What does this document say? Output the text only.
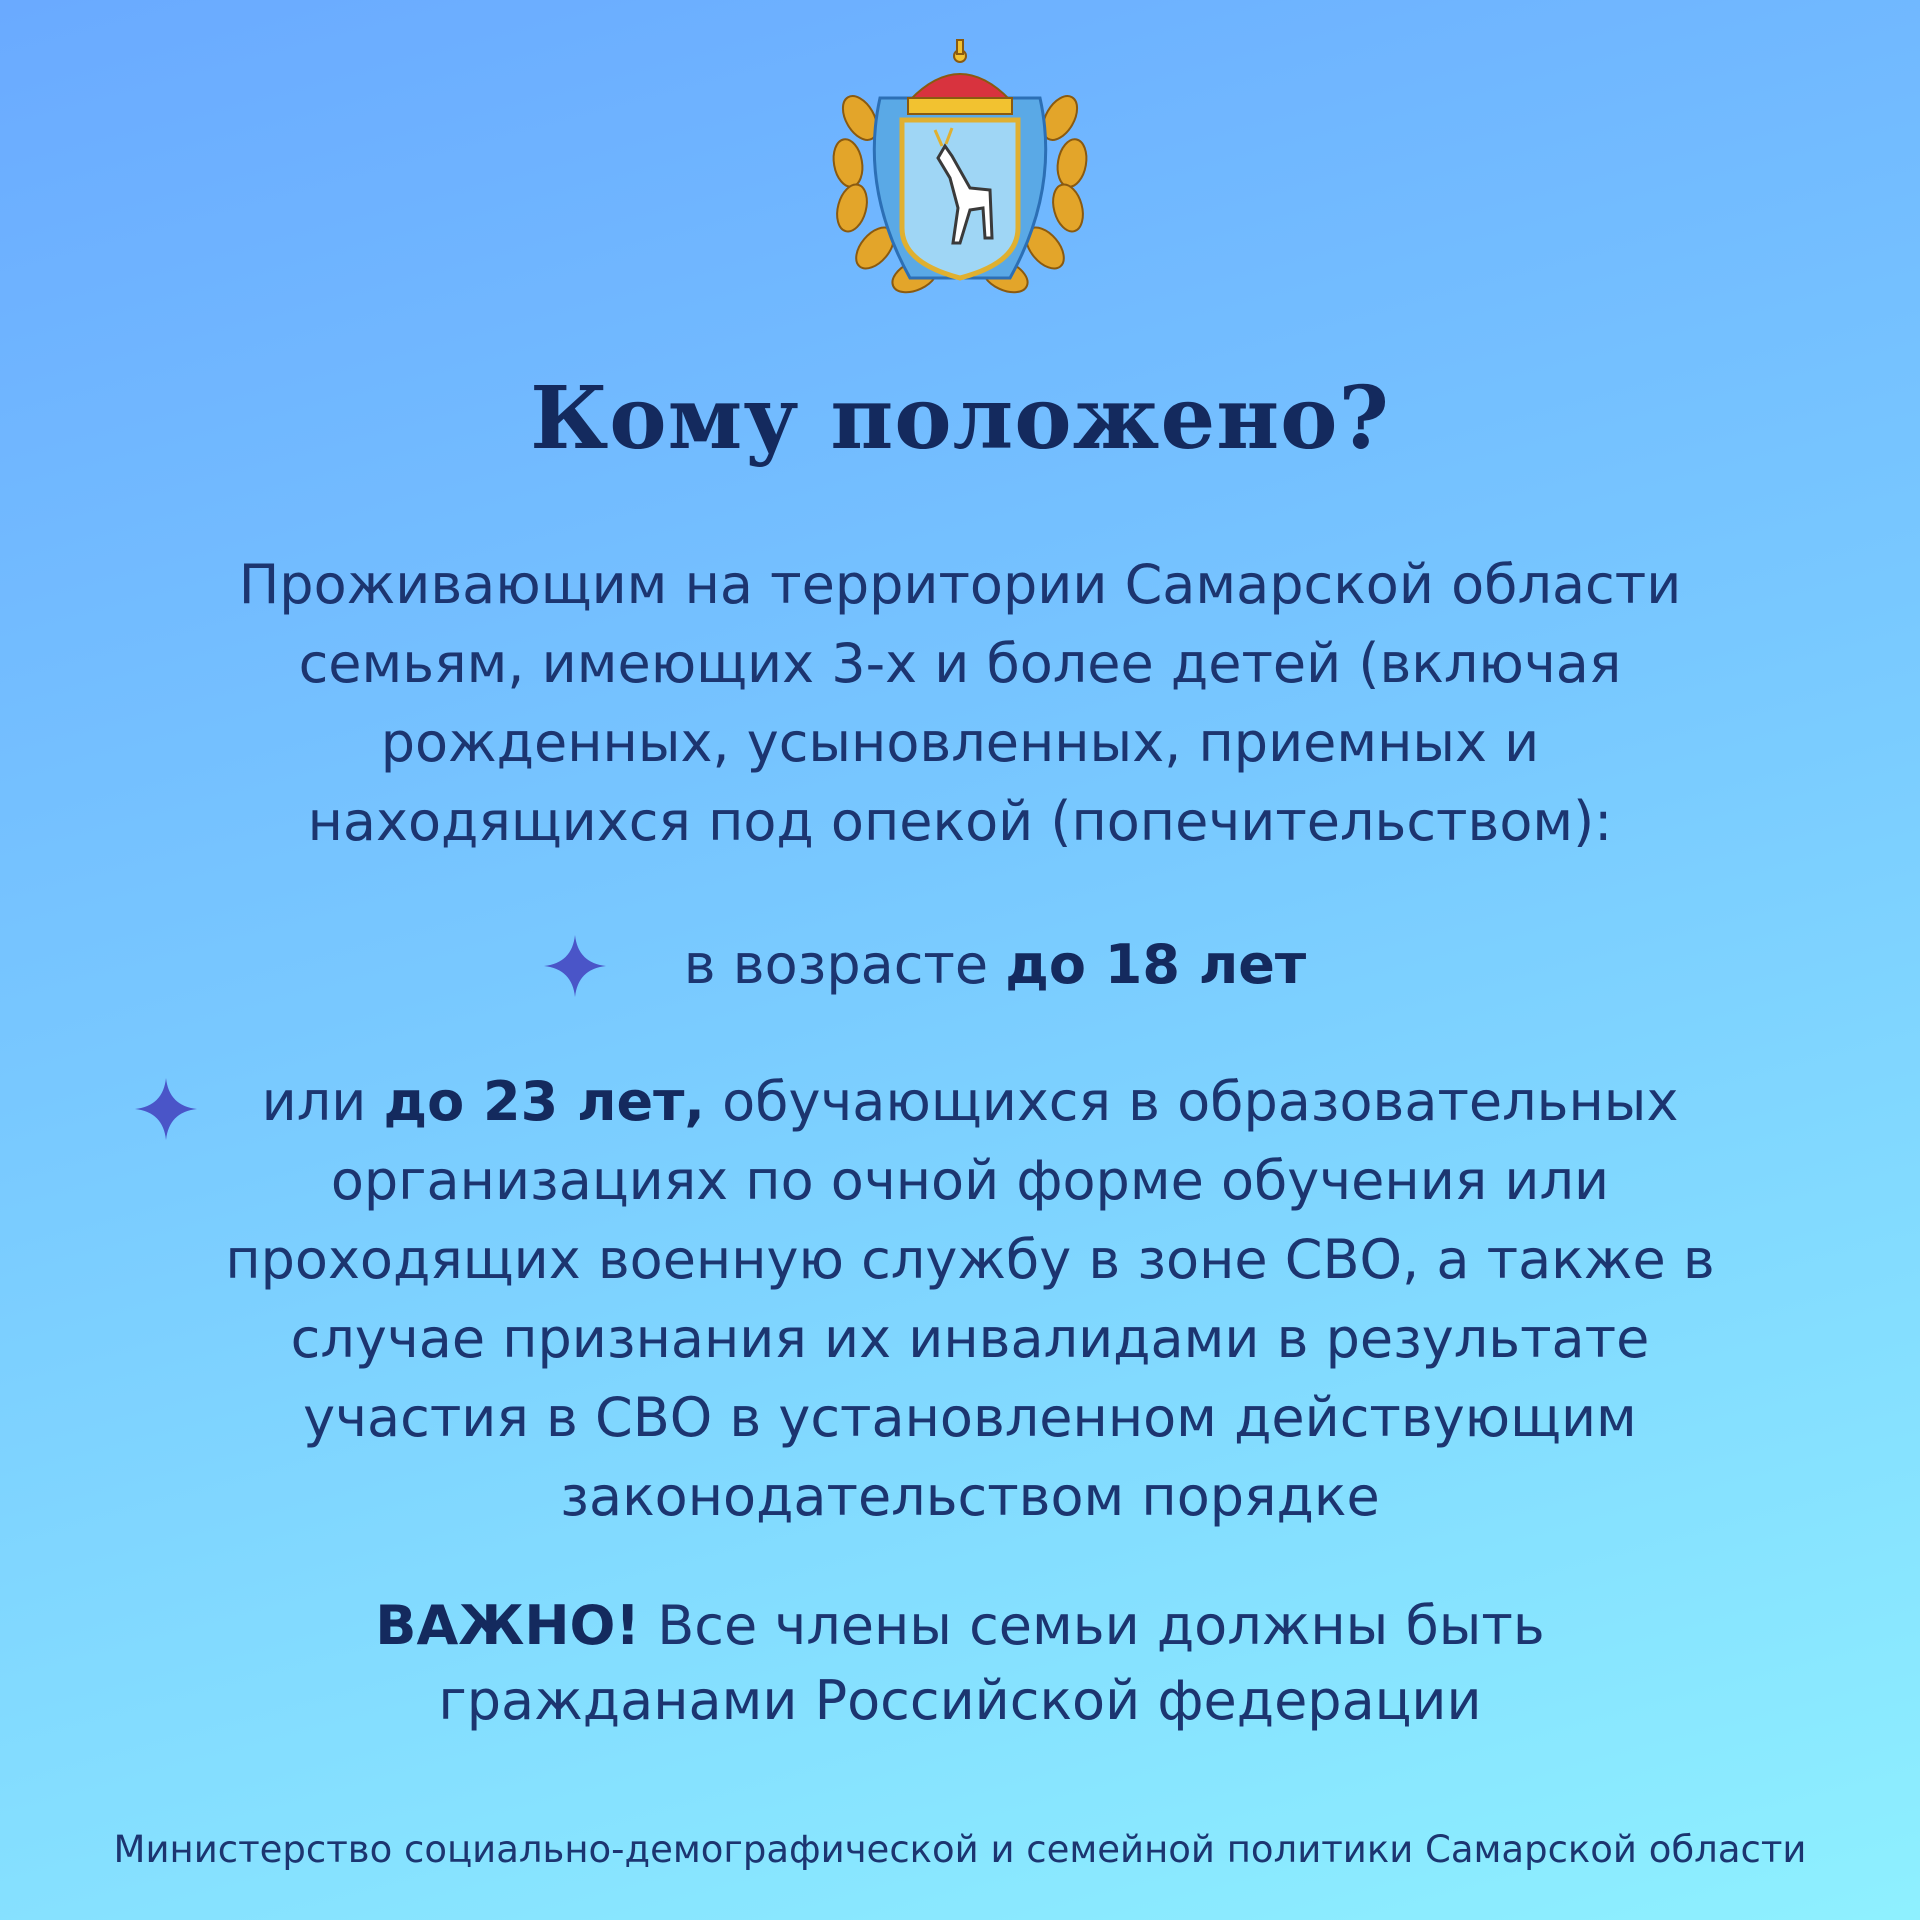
Кому положено?

Проживающим на территории Самарской области
семьям, имеющих 3-х и более детей (включая
рожденных, усыновленных, приемных и
находящихся под опекой (попечительством):

в возрасте до 18 лет

или до 23 лет, обучающихся в образовательных
организациях по очной форме обучения или
проходящих военную службу в зоне СВО, а также в
случае признания их инвалидами в результате
участия в СВО в установленном действующим
законодательством порядке

ВАЖНО! Все члены семьи должны быть
гражданами Российской федерации

Министерство социально-демографической и семейной политики Самарской области
